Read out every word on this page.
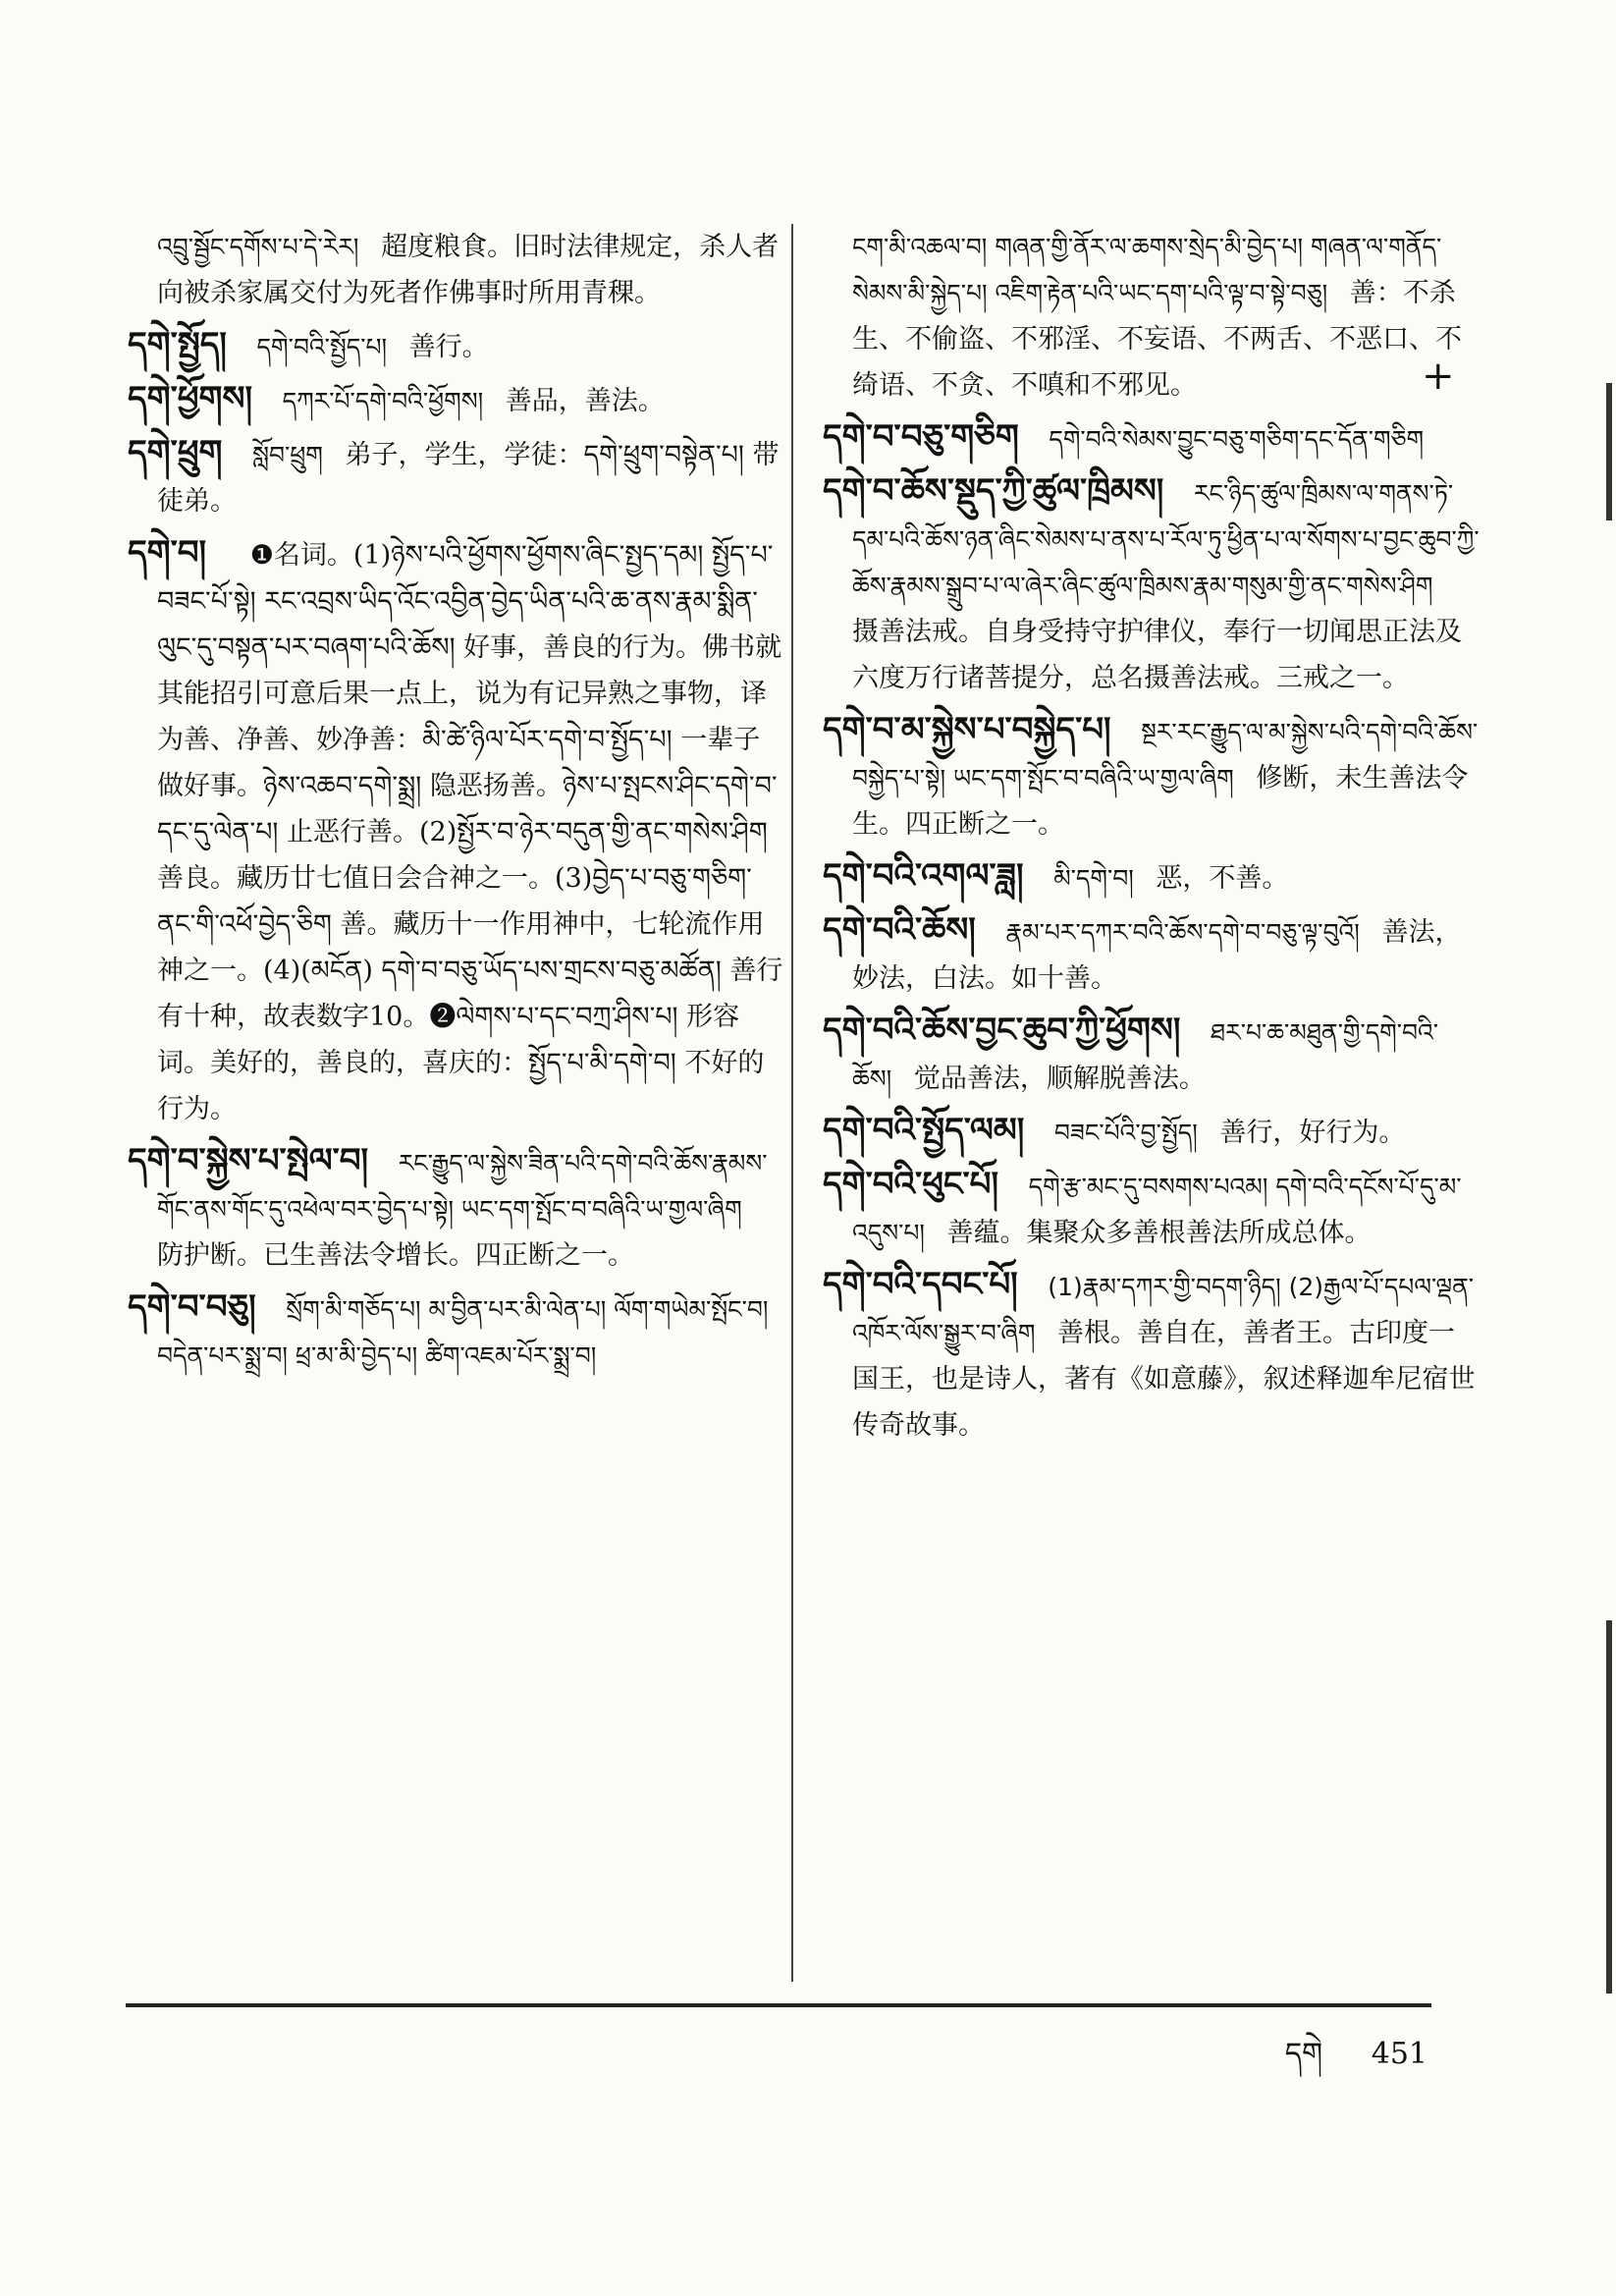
འབྲུ་སྦྱོང་དགོས་པ་དེ་རེར། 超度粮食。旧时法律规定，杀人者向被杀家属交付为死者作佛事时所用青稞。
དགེ་སྤྱོད། དགེ་བའི་སྤྱོད་པ། 善行。
དགེ་ཕྱོགས། དཀར་པོ་དགེ་བའི་ཕྱོགས། 善品，善法。
དགེ་ཕྲུག སློབ་ཕྲུག 弟子，学生，学徒：དགེ་ཕྲུག་བསྟེན་པ། 带徒弟。
དགེ་བ། ❶名词。(1)ཉེས་པའི་ཕྱོགས་ཕྱོགས་ཞིང་སྤྱད་དམ། སྤྱོད་པ་བཟང་པོ་སྟེ། རང་འབྲས་ཡིད་འོང་འབྱིན་བྱེད་ཡིན་པའི་ཆ་ནས་རྣམ་སྨིན་ལུང་དུ་བསྟན་པར་བཞག་པའི་ཆོས། 好事，善良的行为。佛书就其能招引可意后果一点上，说为有记异熟之事物，译为善、净善、妙净善：མི་ཚེ་ཉིལ་པོར་དགེ་བ་སྤྱོད་པ། 一辈子做好事。ཉེས་འཆབ་དགེ་སྨྲ། 隐恶扬善。ཉེས་པ་སྤངས་ཤིང་དགེ་བ་དང་དུ་ལེན་པ། 止恶行善。(2)སྤྱོར་བ་ཉེར་བདུན་གྱི་ནང་གསེས་ཤིག 善良。藏历廿七值日会合神之一。(3)བྱེད་པ་བཅུ་གཅིག་ནང་གི་འཕོ་བྱེད་ཅིག 善。藏历十一作用神中，七轮流作用神之一。(4)(མངོན) དགེ་བ་བཅུ་ཡོད་པས་གྲངས་བཅུ་མཚོན། 善行有十种，故表数字10。❷ལེགས་པ་དང་བཀྲ་ཤིས་པ། 形容词。美好的，善良的，喜庆的：སྤྱོད་པ་མི་དགེ་བ། 不好的行为。
དགེ་བ་སྐྱེས་པ་སྤེལ་བ། རང་རྒྱུད་ལ་སྐྱེས་ཟིན་པའི་དགེ་བའི་ཆོས་རྣམས་གོང་ནས་གོང་དུ་འཕེལ་བར་བྱེད་པ་སྟེ། ཡང་དག་སྤོང་བ་བཞིའི་ཡ་གྱལ་ཞིག 防护断。已生善法令增长。四正断之一。
དགེ་བ་བཅུ། སྲོག་མི་གཅོད་པ། མ་བྱིན་པར་མི་ལེན་པ། ལོག་གཡེམ་སྤོང་བ། བདེན་པར་སྨྲ་བ། ཕྲ་མ་མི་བྱེད་པ། ཚིག་འཇམ་པོར་སྨྲ་བ།
ངག་མི་འཆལ་བ། གཞན་གྱི་ནོར་ལ་ཆགས་སྲེད་མི་བྱེད་པ། གཞན་ལ་གནོད་སེམས་མི་སྐྱེད་པ། འཇིག་རྟེན་པའི་ཡང་དག་པའི་ལྟ་བ་སྟེ་བཅུ། 善：不杀生、不偷盗、不邪淫、不妄语、不两舌、不恶口、不绮语、不贪、不嗔和不邪见。
དགེ་བ་བཅུ་གཅིག དགེ་བའི་སེམས་བྱུང་བཅུ་གཅིག་དང་དོན་གཅིག
དགེ་བ་ཆོས་སྡུད་ཀྱི་ཚུལ་ཁྲིམས། རང་ཉིད་ཚུལ་ཁྲིམས་ལ་གནས་ཏེ་དམ་པའི་ཆོས་ཉན་ཞིང་སེམས་པ་ནས་པ་རོལ་ཏུ་ཕྱིན་པ་ལ་སོགས་པ་བྱང་ཆུབ་ཀྱི་ཆོས་རྣམས་སྒྲུབ་པ་ལ་ཞེར་ཞིང་ཚུལ་ཁྲིམས་རྣམ་གསུམ་གྱི་ནང་གསེས་ཤིག 摄善法戒。自身受持守护律仪，奉行一切闻思正法及六度万行诸菩提分，总名摄善法戒。三戒之一。
དགེ་བ་མ་སྐྱེས་པ་བསྐྱེད་པ། སྔར་རང་རྒྱུད་ལ་མ་སྐྱེས་པའི་དགེ་བའི་ཆོས་བསྐྱེད་པ་སྟེ། ཡང་དག་སྤོང་བ་བཞིའི་ཡ་གྱལ་ཞིག 修断，未生善法令生。四正断之一。
དགེ་བའི་འགལ་ཟླ། མི་དགེ་བ། 恶，不善。
དགེ་བའི་ཆོས། རྣམ་པར་དཀར་བའི་ཆོས་དགེ་བ་བཅུ་ལྟ་བུའོ། 善法，妙法，白法。如十善。
དགེ་བའི་ཆོས་བྱང་ཆུབ་ཀྱི་ཕྱོགས། ཐར་པ་ཆ་མཐུན་གྱི་དགེ་བའི་ཆོས། 觉品善法，顺解脱善法。
དགེ་བའི་སྤྱོད་ལམ། བཟང་པོའི་བྱ་སྤྱོད། 善行，好行为。
དགེ་བའི་ཕུང་པོ། དགེ་རྩ་མང་དུ་བསགས་པའམ། དགེ་བའི་དངོས་པོ་དུ་མ་འདུས་པ། 善蕴。集聚众多善根善法所成总体。
དགེ་བའི་དབང་པོ། (1)རྣམ་དཀར་གྱི་བདག་ཉིད། (2)རྒྱལ་པོ་དཔལ་ལྡན་འཁོར་ལོས་སྒྱུར་བ་ཞིག 善根。善自在，善者王。古印度一国王，也是诗人，著有《如意藤》，叙述释迦牟尼宿世传奇故事。
+
དགེ 451
